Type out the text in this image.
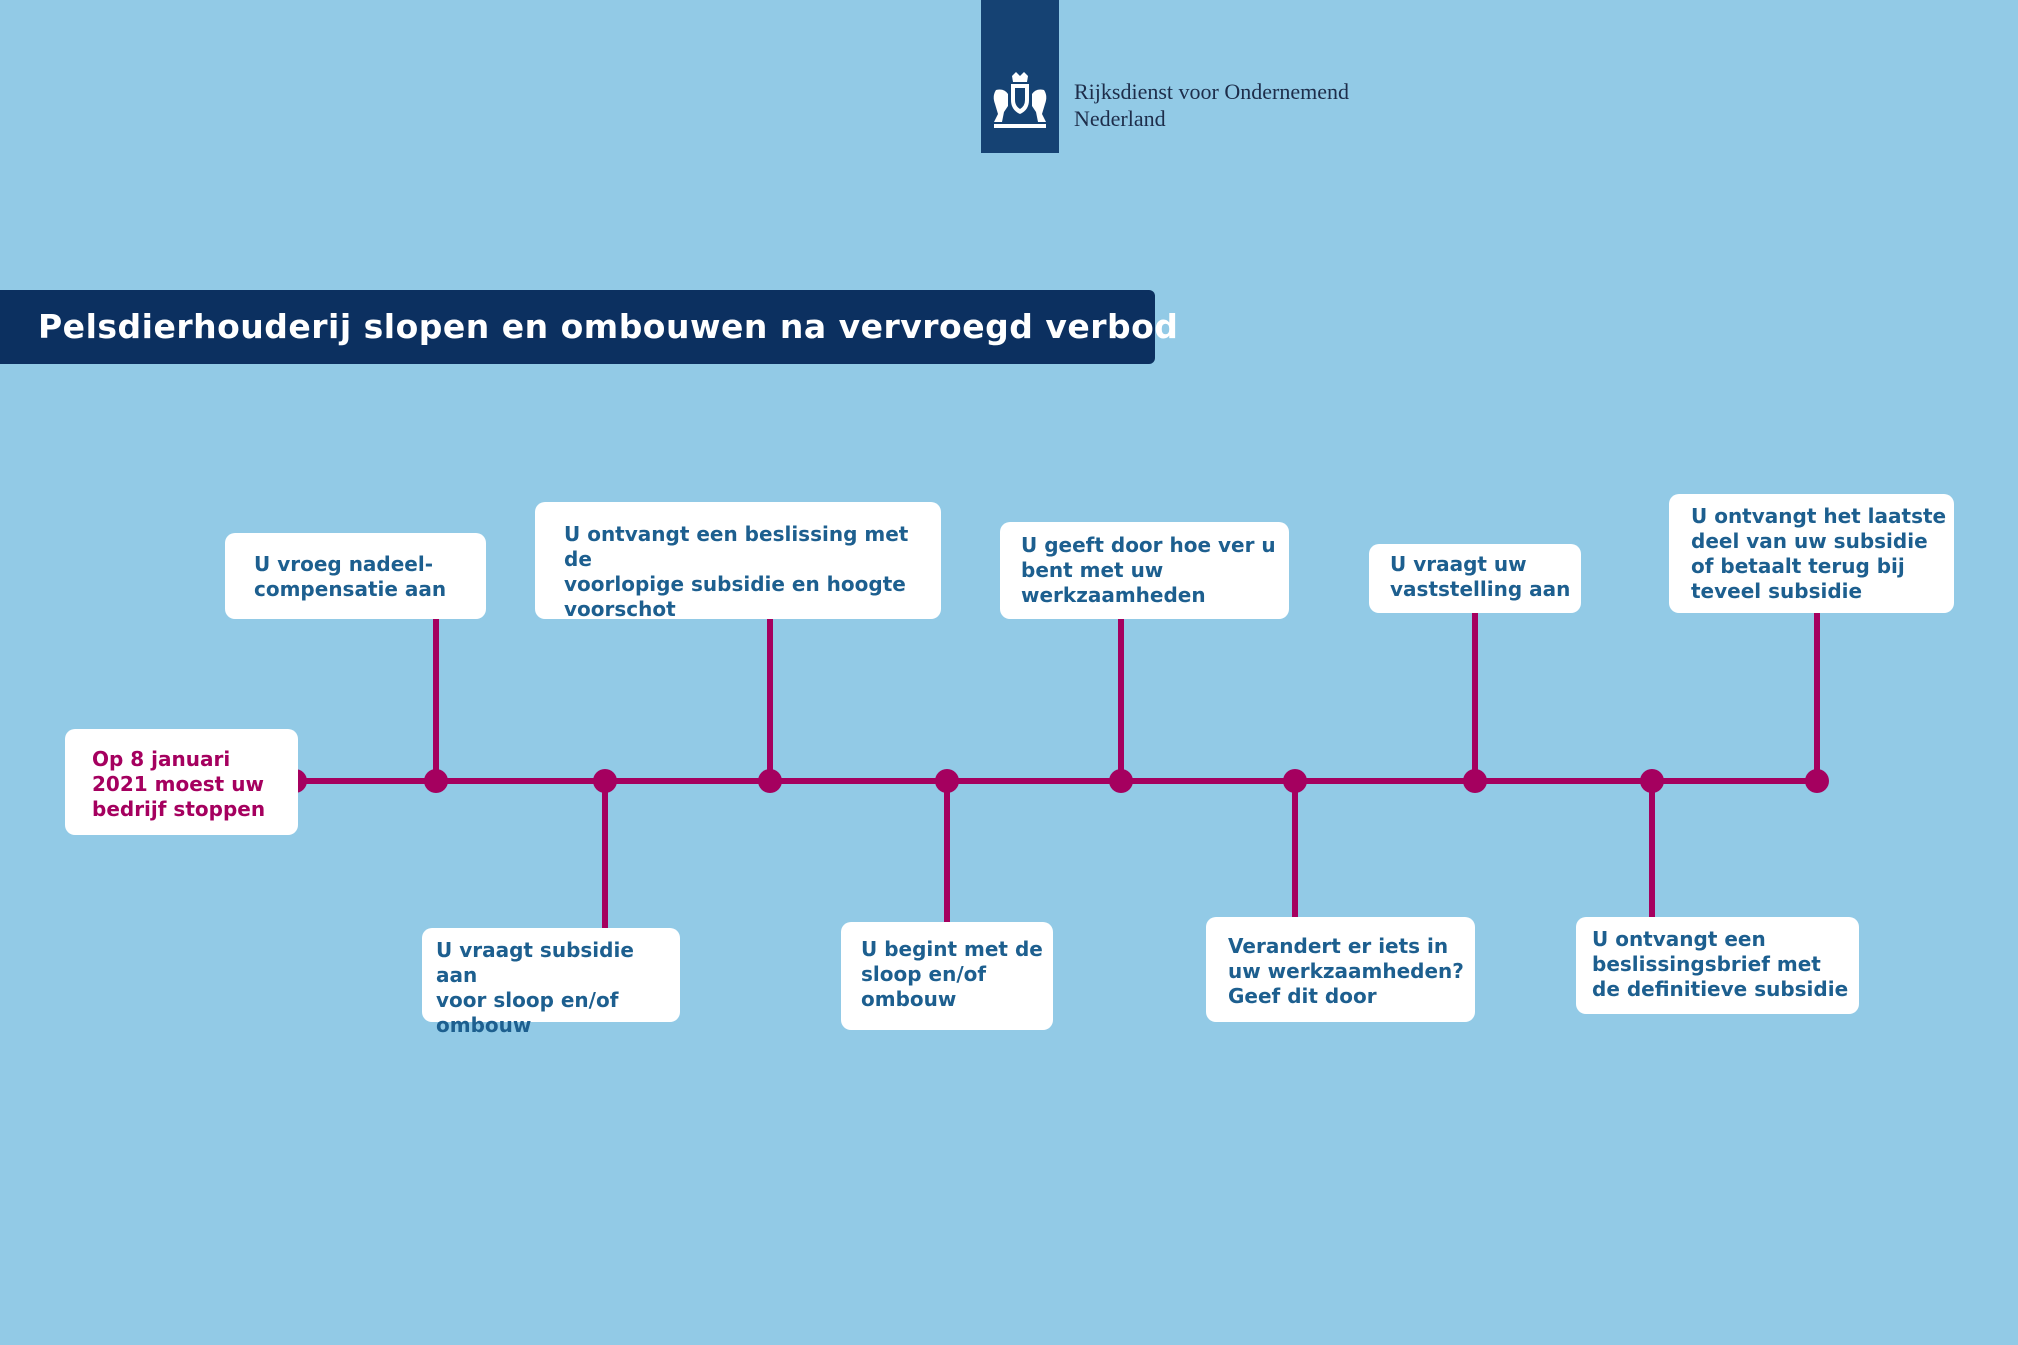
Rijksdienst voor Ondernemend
Nederland
Pelsdierhouderij slopen en ombouwen na vervroegd verbod
Op 8 januari
2021 moest uw
bedrijf stoppen
U vroeg nadeel-
compensatie aan
U vraagt subsidie aan
voor sloop en/of
ombouw
U ontvangt een beslissing met de
voorlopige subsidie en hoogte
voorschot
U begint met de
sloop en/of
ombouw
U geeft door hoe ver u
bent met uw
werkzaamheden
Verandert er iets in
uw werkzaamheden?
Geef dit door
U vraagt uw
vaststelling aan
U ontvangt een
beslissingsbrief met
de definitieve subsidie
U ontvangt het laatste
deel van uw subsidie
of betaalt terug bij
teveel subsidie
